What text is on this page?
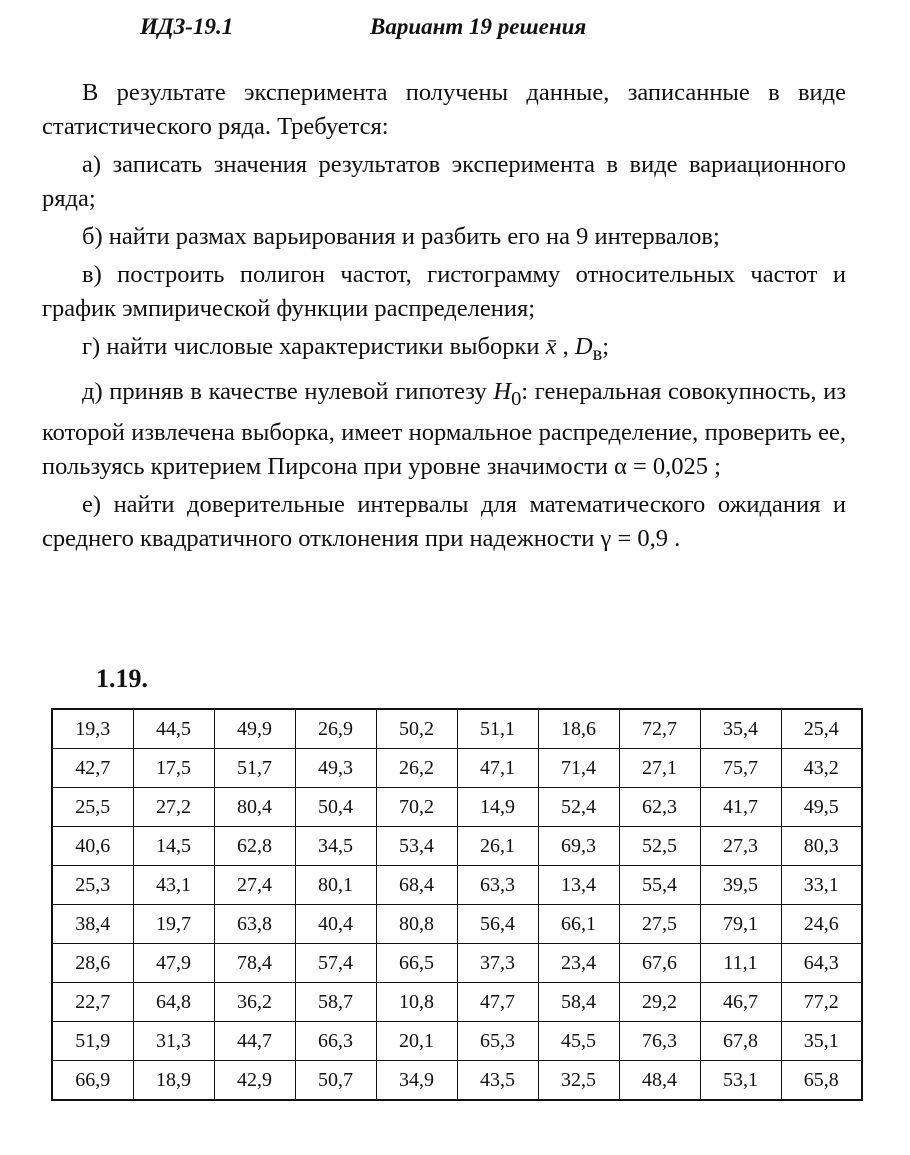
ИДЗ-19.1	Вариант 19 решения

В результате эксперимента получены данные, записанные в виде статистического ряда. Требуется:

а) записать значения результатов эксперимента в виде вариационного ряда;

б) найти размах варьирования и разбить его на 9 интервалов;

в) построить полигон частот, гистограмму относительных частот и график эмпирической функции распределения;

г) найти числовые характеристики выборки x̄ , $D_в$;

д) приняв в качестве нулевой гипотезу $H_0$: генеральная совокупность, из которой извлечена выборка, имеет нормальное распределение, проверить ее, пользуясь критерием Пирсона при уровне значимости α = 0,025 ;

е) найти доверительные интервалы для математического ожидания и среднего квадратичного отклонения при надежности γ = 0,9 .

1.19.
19,3	44,5	49,9	26,9	50,2	51,1	18,6	72,7	35,4	25,4
42,7	17,5	51,7	49,3	26,2	47,1	71,4	27,1	75,7	43,2
25,5	27,2	80,4	50,4	70,2	14,9	52,4	62,3	41,7	49,5
40,6	14,5	62,8	34,5	53,4	26,1	69,3	52,5	27,3	80,3
25,3	43,1	27,4	80,1	68,4	63,3	13,4	55,4	39,5	33,1
38,4	19,7	63,8	40,4	80,8	56,4	66,1	27,5	79,1	24,6
28,6	47,9	78,4	57,4	66,5	37,3	23,4	67,6	11,1	64,3
22,7	64,8	36,2	58,7	10,8	47,7	58,4	29,2	46,7	77,2
51,9	31,3	44,7	66,3	20,1	65,3	45,5	76,3	67,8	35,1
66,9	18,9	42,9	50,7	34,9	43,5	32,5	48,4	53,1	65,8
